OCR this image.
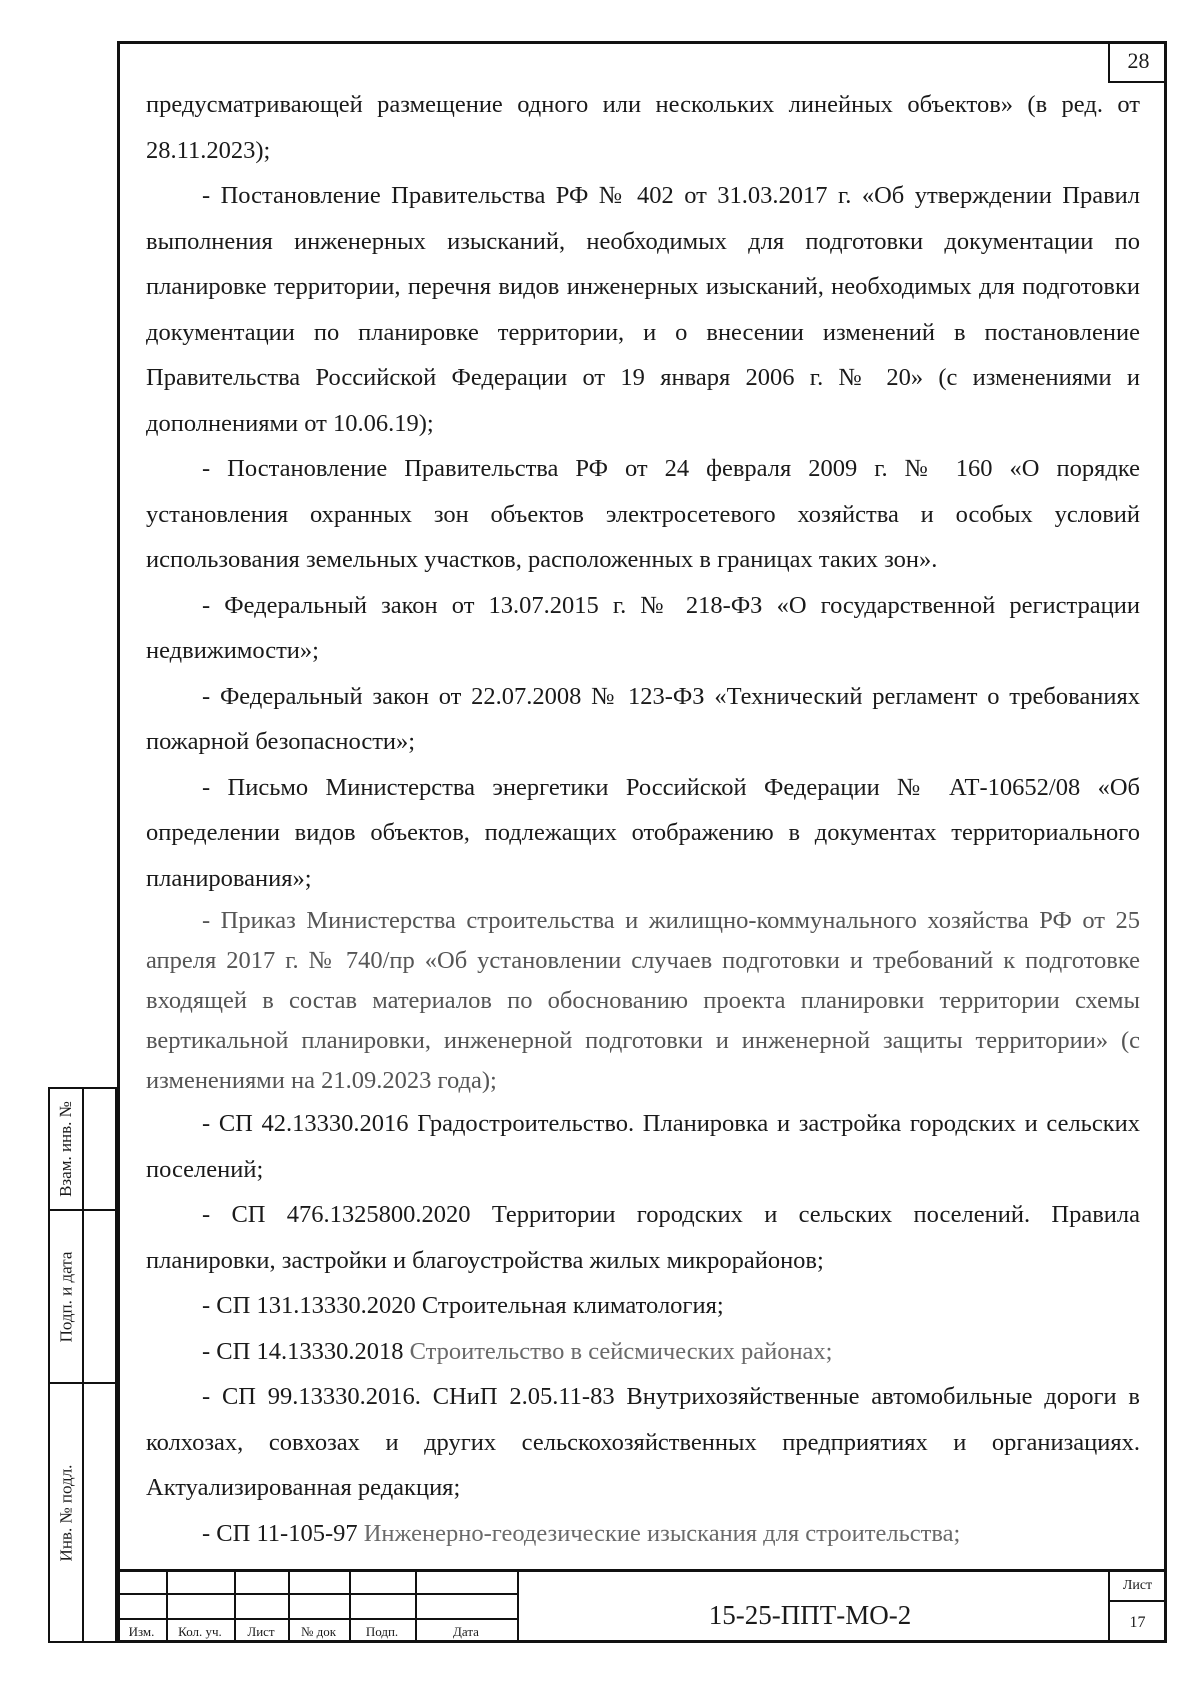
28

предусматривающей размещение одного или нескольких линейных объектов» (в ред. от 28.11.2023);

- Постановление Правительства РФ № 402 от 31.03.2017 г. «Об утверждении Правил выполнения инженерных изысканий, необходимых для подготовки документации по планировке территории, перечня видов инженерных изысканий, необходимых для подготовки документации по планировке территории, и о внесении изменений в постановление Правительства Российской Федерации от 19 января 2006 г. № 20» (с изменениями и дополнениями от 10.06.19);

- Постановление Правительства РФ от 24 февраля 2009 г. № 160 «О порядке установления охранных зон объектов электросетевого хозяйства и особых условий использования земельных участков, расположенных в границах таких зон».

- Федеральный закон от 13.07.2015 г. № 218-ФЗ «О государственной регистрации недвижимости»;

- Федеральный закон от 22.07.2008 № 123-ФЗ «Технический регламент о требованиях пожарной безопасности»;

- Письмо Министерства энергетики Российской Федерации № АТ-10652/08 «Об определении видов объектов, подлежащих отображению в документах территориального планирования»;

- Приказ Министерства строительства и жилищно-коммунального хозяйства РФ от 25 апреля 2017 г. № 740/пр «Об установлении случаев подготовки и требований к подготовке входящей в состав материалов по обоснованию проекта планировки территории схемы вертикальной планировки, инженерной подготовки и инженерной защиты территории» (с изменениями на 21.09.2023 года);

- СП 42.13330.2016 Градостроительство. Планировка и застройка городских и сельских поселений;

- СП 476.1325800.2020 Территории городских и сельских поселений. Правила планировки, застройки и благоустройства жилых микрорайонов;

- СП 131.13330.2020 Строительная климатология;

- СП 14.13330.2018 Строительство в сейсмических районах;

- СП 99.13330.2016. СНиП 2.05.11-83 Внутрихозяйственные автомобильные дороги в колхозах, совхозах и других сельскохозяйственных предприятиях и организациях. Актуализированная редакция;

- СП 11-105-97 Инженерно-геодезические изыскания для строительства;

Взам. инв. №
Подп. и дата
Инв. № подл.
Изм.	Кол. уч.	Лист	№ док	Подп.	Дата
15-25-ППТ-МО-2
Лист
17
